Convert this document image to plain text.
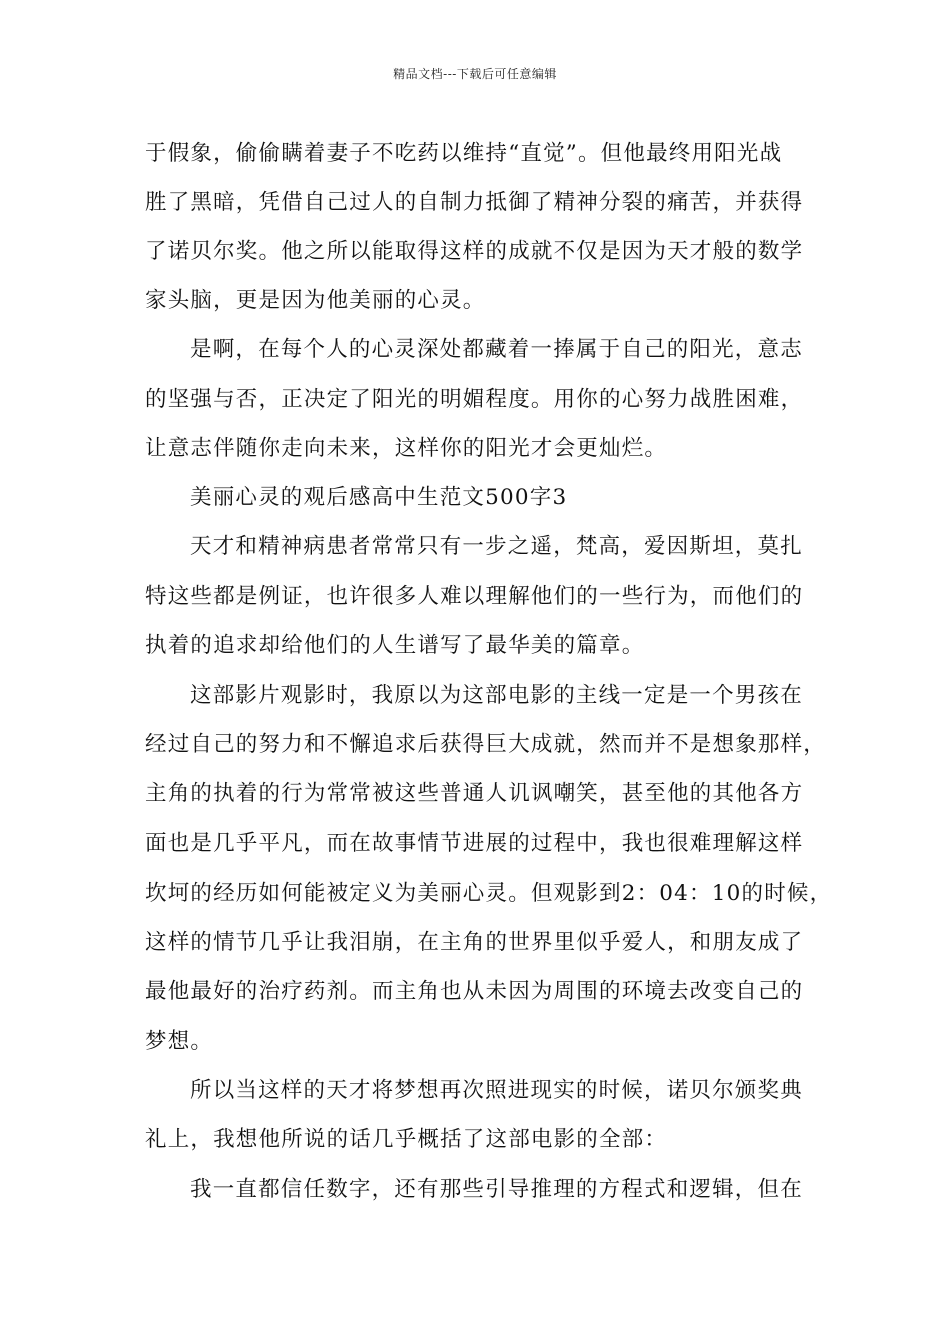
精品文档---下载后可任意编辑
于假象，偷偷瞒着妻子不吃药以维持“直觉”。但他最终用阳光战
胜了黑暗，凭借自己过人的自制力抵御了精神分裂的痛苦，并获得
了诺贝尔奖。他之所以能取得这样的成就不仅是因为天才般的数学
家头脑，更是因为他美丽的心灵。
是啊，在每个人的心灵深处都藏着一捧属于自己的阳光，意志
的坚强与否，正决定了阳光的明媚程度。用你的心努力战胜困难，
让意志伴随你走向未来，这样你的阳光才会更灿烂。
美丽心灵的观后感高中生范文500字3
天才和精神病患者常常只有一步之遥，梵高，爱因斯坦，莫扎
特这些都是例证，也许很多人难以理解他们的一些行为，而他们的
执着的追求却给他们的人生谱写了最华美的篇章。
这部影片观影时，我原以为这部电影的主线一定是一个男孩在
经过自己的努力和不懈追求后获得巨大成就，然而并不是想象那样，
主角的执着的行为常常被这些普通人讥讽嘲笑，甚至他的其他各方
面也是几乎平凡，而在故事情节进展的过程中，我也很难理解这样
坎坷的经历如何能被定义为美丽心灵。但观影到2：04：10的时候，
这样的情节几乎让我泪崩，在主角的世界里似乎爱人，和朋友成了
最他最好的治疗药剂。而主角也从未因为周围的环境去改变自己的
梦想。
所以当这样的天才将梦想再次照进现实的时候，诺贝尔颁奖典
礼上，我想他所说的话几乎概括了这部电影的全部：
我一直都信任数字，还有那些引导推理的方程式和逻辑，但在
